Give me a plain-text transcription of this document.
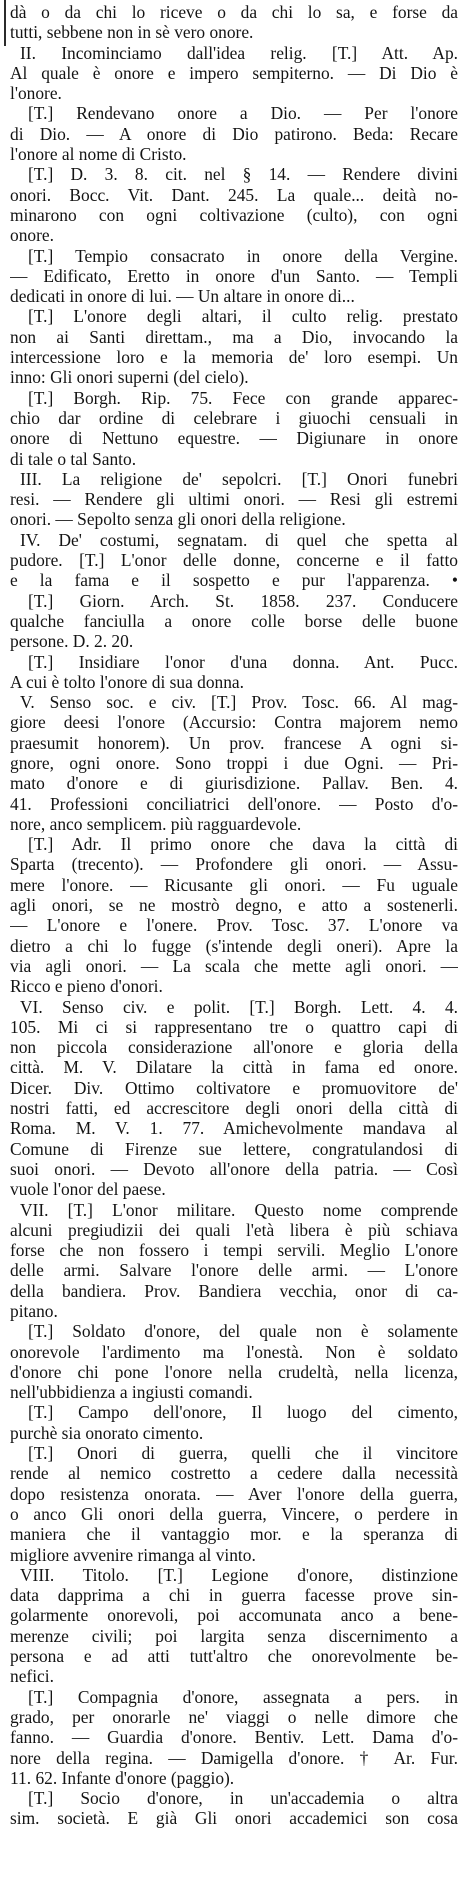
dà o da chi lo riceve o da chi lo sa, e forse da

tutti, sebbene non in sè vero onore.

II. Incominciamo dall'idea relig. [T.] Att. Ap.

Al quale è onore e impero sempiterno. — Di Dio è

l'onore.

[T.] Rendevano onore a Dio. — Per l'onore

di Dio. — A onore di Dio patirono. Beda: Recare

l'onore al nome di Cristo.

[T.] D. 3. 8. cit. nel § 14. — Rendere divini

onori. Bocc. Vit. Dant. 245. La quale... deità no-

minarono con ogni coltivazione (culto), con ogni

onore.

[T.] Tempio consacrato in onore della Vergine.

— Edificato, Eretto in onore d'un Santo. — Templi

dedicati in onore di lui. — Un altare in onore di...

[T.] L'onore degli altari, il culto relig. prestato

non ai Santi direttam., ma a Dio, invocando la

intercessione loro e la memoria de' loro esempi. Un

inno: Gli onori superni (del cielo).

[T.] Borgh. Rip. 75. Fece con grande apparec-

chio dar ordine di celebrare i giuochi censuali in

onore di Nettuno equestre. — Digiunare in onore

di tale o tal Santo.

III. La religione de' sepolcri. [T.] Onori funebri

resi. — Rendere gli ultimi onori. — Resi gli estremi

onori. — Sepolto senza gli onori della religione.

IV. De' costumi, segnatam. di quel che spetta al

pudore. [T.] L'onor delle donne, concerne e il fatto

e la fama e il sospetto e pur l'apparenza. •

[T.] Giorn. Arch. St. 1858. 237. Conducere

qualche fanciulla a onore colle borse delle buone

persone. D. 2. 20.

[T.] Insidiare l'onor d'una donna. Ant. Pucc.

A cui è tolto l'onore di sua donna.

V. Senso soc. e civ. [T.] Prov. Tosc. 66. Al mag-

giore deesi l'onore (Accursio: Contra majorem nemo

praesumit honorem). Un prov. francese A ogni si-

gnore, ogni onore. Sono troppi i due Ogni. — Pri-

mato d'onore e di giurisdizione. Pallav. Ben. 4.

41. Professioni conciliatrici dell'onore. — Posto d'o-

nore, anco semplicem. più ragguardevole.

[T.] Adr. Il primo onore che dava la città di

Sparta (trecento). — Profondere gli onori. — Assu-

mere l'onore. — Ricusante gli onori. — Fu uguale

agli onori, se ne mostrò degno, e atto a sostenerli.

— L'onore e l'onere. Prov. Tosc. 37. L'onore va

dietro a chi lo fugge (s'intende degli oneri). Apre la

via agli onori. — La scala che mette agli onori. —

Ricco e pieno d'onori.

VI. Senso civ. e polit. [T.] Borgh. Lett. 4. 4.

105. Mi ci si rappresentano tre o quattro capi di

non piccola considerazione all'onore e gloria della

città. M. V. Dilatare la città in fama ed onore.

Dicer. Div. Ottimo coltivatore e promuovitore de'

nostri fatti, ed accrescitore degli onori della città di

Roma. M. V. 1. 77. Amichevolmente mandava al

Comune di Firenze sue lettere, congratulandosi di

suoi onori. — Devoto all'onore della patria. — Così

vuole l'onor del paese.

VII. [T.] L'onor militare. Questo nome comprende

alcuni pregiudizii dei quali l'età libera è più schiava

forse che non fossero i tempi servili. Meglio L'onore

delle armi. Salvare l'onore delle armi. — L'onore

della bandiera. Prov. Bandiera vecchia, onor di ca-

pitano.

[T.] Soldato d'onore, del quale non è solamente

onorevole l'ardimento ma l'onestà. Non è soldato

d'onore chi pone l'onore nella crudeltà, nella licenza,

nell'ubbidienza a ingiusti comandi.

[T.] Campo dell'onore, Il luogo del cimento,

purchè sia onorato cimento.

[T.] Onori di guerra, quelli che il vincitore

rende al nemico costretto a cedere dalla necessità

dopo resistenza onorata. — Aver l'onore della guerra,

o anco Gli onori della guerra, Vincere, o perdere in

maniera che il vantaggio mor. e la speranza di

migliore avvenire rimanga al vinto.

VIII. Titolo. [T.] Legione d'onore, distinzione

data dapprima a chi in guerra facesse prove sin-

golarmente onorevoli, poi accomunata anco a bene-

merenze civili; poi largita senza discernimento a

persona e ad atti tutt'altro che onorevolmente be-

nefici.

[T.] Compagnia d'onore, assegnata a pers. in

grado, per onorarle ne' viaggi o nelle dimore che

fanno. — Guardia d'onore. Bentiv. Lett. Dama d'o-

nore della regina. — Damigella d'onore. † Ar. Fur.

11. 62. Infante d'onore (paggio).

[T.] Socio d'onore, in un'accademia o altra

sim. società. E già Gli onori accademici son cosa
